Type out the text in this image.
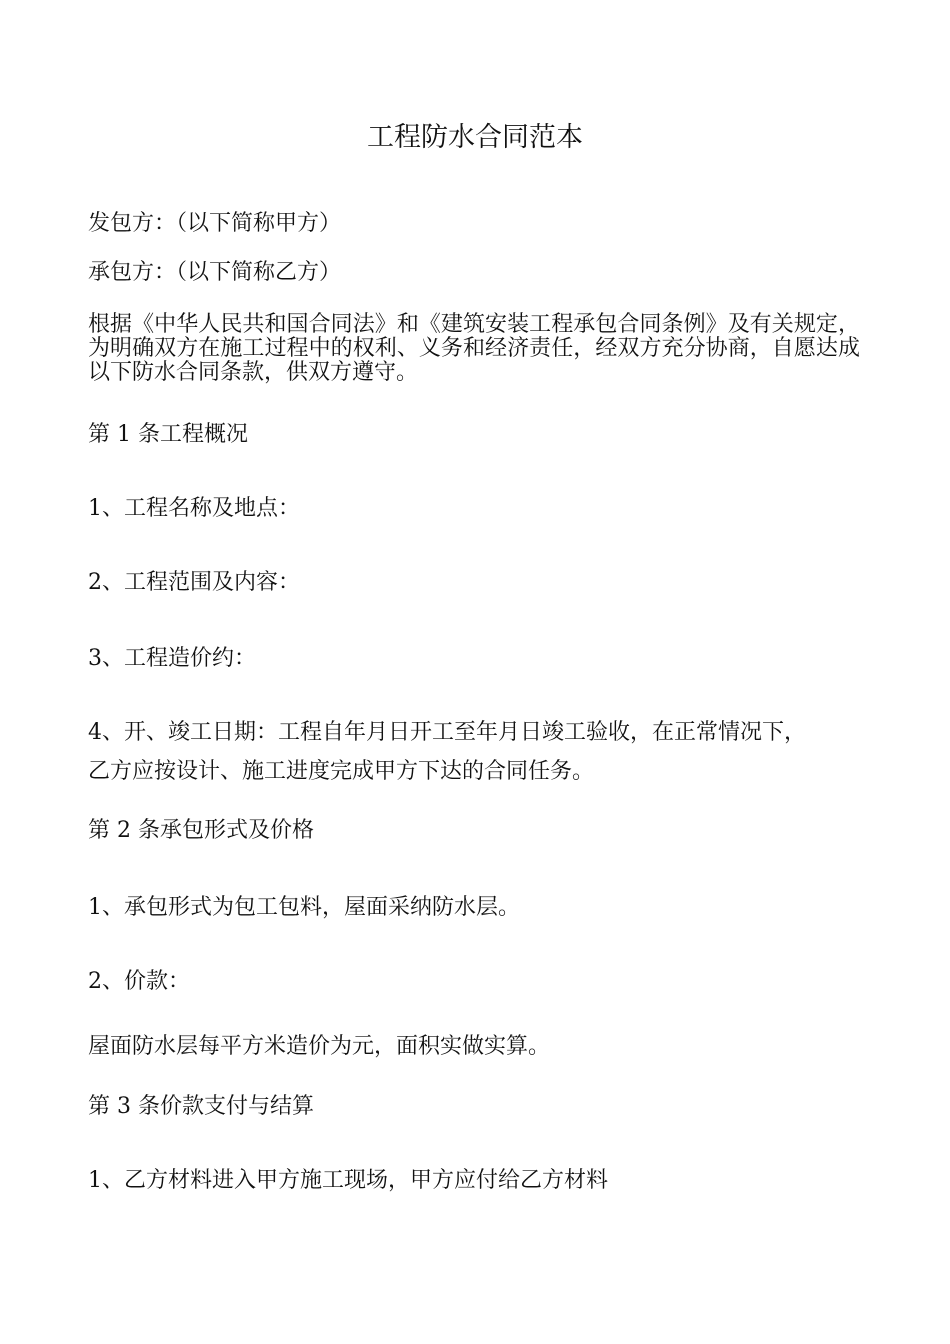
工程防水合同范本

发包方：（以下简称甲方）

承包方：（以下简称乙方）

根据《中华人民共和国合同法》和《建筑安装工程承包合同条例》及有关规定，为明确双方在施工过程中的权利、义务和经济责任，经双方充分协商，自愿达成以下防水合同条款，供双方遵守。

第 1 条工程概况

1、工程名称及地点：

2、工程范围及内容：

3、工程造价约：

4、开、竣工日期：工程自年月日开工至年月日竣工验收，在正常情况下，

乙方应按设计、施工进度完成甲方下达的合同任务。

第 2 条承包形式及价格

1、承包形式为包工包料，屋面采纳防水层。

2、价款：

屋面防水层每平方米造价为元，面积实做实算。

第 3 条价款支付与结算

1、乙方材料进入甲方施工现场，甲方应付给乙方材料
